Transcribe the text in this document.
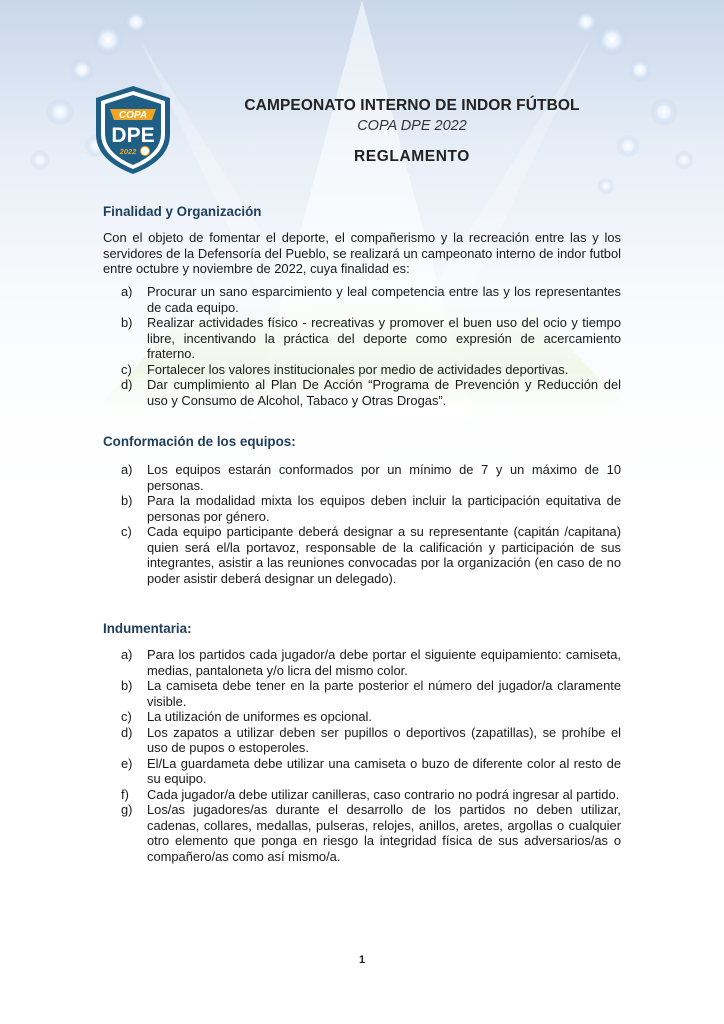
COPA
DPE
2022

CAMPEONATO INTERNO DE INDOR FÚTBOL

COPA DPE 2022

REGLAMENTO

Finalidad y Organización

Con el objeto de fomentar el deporte, el compañerismo y la recreación entre las y los servidores de la Defensoría del Pueblo, se realizará un campeonato interno de indor futbol entre octubre y noviembre de 2022, cuya finalidad es:

a) Procurar un sano esparcimiento y leal competencia entre las y los representantes de cada equipo.
b) Realizar actividades físico - recreativas y promover el buen uso del ocio y tiempo libre, incentivando la práctica del deporte como expresión de acercamiento fraterno.
c) Fortalecer los valores institucionales por medio de actividades deportivas.
d) Dar cumplimiento al Plan De Acción “Programa de Prevención y Reducción del uso y Consumo de Alcohol, Tabaco y Otras Drogas”.

Conformación de los equipos:

a) Los equipos estarán conformados por un mínimo de 7 y un máximo de 10 personas.
b) Para la modalidad mixta los equipos deben incluir la participación equitativa de personas por género.
c) Cada equipo participante deberá designar a su representante (capitán /capitana) quien será el/la portavoz, responsable de la calificación y participación de sus integrantes, asistir a las reuniones convocadas por la organización (en caso de no poder asistir deberá designar un delegado).

Indumentaria:

a) Para los partidos cada jugador/a debe portar el siguiente equipamiento: camiseta, medias, pantaloneta y/o licra del mismo color.
b) La camiseta debe tener en la parte posterior el número del jugador/a claramente visible.
c) La utilización de uniformes es opcional.
d) Los zapatos a utilizar deben ser pupillos o deportivos (zapatillas), se prohíbe el uso de pupos o estoperoles.
e) El/La guardameta debe utilizar una camiseta o buzo de diferente color al resto de su equipo.
f) Cada jugador/a debe utilizar canilleras, caso contrario no podrá ingresar al partido.
g) Los/as jugadores/as durante el desarrollo de los partidos no deben utilizar, cadenas, collares, medallas, pulseras, relojes, anillos, aretes, argollas o cualquier otro elemento que ponga en riesgo la integridad física de sus adversarios/as o compañero/as como así mismo/a.
1
